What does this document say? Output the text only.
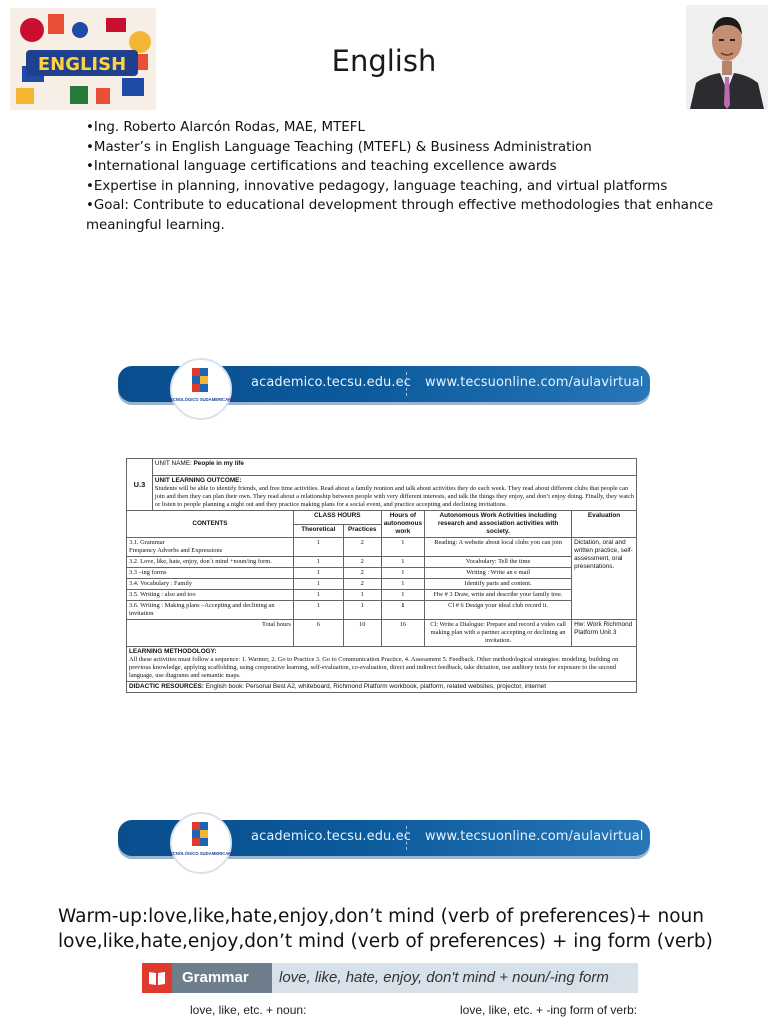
ENGLISH	English
•Ing. Roberto Alarcón Rodas, MAE, MTEFL
•Master’s in English Language Teaching (MTEFL) & Business Administration
•International language certifications and teaching excellence awards
•Expertise in planning, innovative pedagogy, language teaching, and virtual platforms
•Goal: Contribute to educational development through effective methodologies that enhance meaningful learning.
TECNOLÓGICO SUDAMERICANO
academico.tecsu.edu.ec www.tecsuonline.com/aulavirtual
U.3	UNIT NAME: People in my life					

	UNIT LEARNING OUTCOME:
Students will be able to identify friends, and free time activities. Read about a family reunion and talk about activities they do each week. They read about different clubs that people can join and then they can plan their own. They read about a relationship between people with very different interests, and talk the things they enjoy, and don’t enjoy doing. Finally, they watch or listen to people planning a night out and they practice making plans for a social event, and practice accepting and declining invitations.					

CONTENTS		CLASS HOURS		Hours of autonomous work	Autonomous Work Activities including research and association activities with society.	Evaluation
		Theoretical	Practices			
3.1. Grammar
Frequency Adverbs and Expressions		1	2	1	Reading: A website about local clubs you can join	Dictation, oral and written practice, self-assessment, oral presentations.
3.2. Love, like, hate, enjoy, don´t mind +noun/ing form.		1	2	1	Vocabulary: Tell the time	
3.3 –ing forms		1	2	1	Writing : Write an e mail	
3.4. Vocabulary : Family		1	2	1	Identify parts and content.	
3.5. Writing : also and too		1	1	1	Hw # 3 Draw, write and describe your family tree.	
3.6. Writing : Making plans –Accepting and declining an invitation		1	1	1	Cl # 6 Design your ideal club record it.	
Total hours		6	10	16	Cl: Write a Dialogue: Prepare and record a video call making plan with a partner accepting or declining an invitation.	Hw: Work Richmond Platform Unit 3

LEARNING METHODOLOGY:
All these activities must follow a sequence: 1. Warmer, 2. Go to Practice 3. Go to Communication Practice, 4. Assessment 5. Feedback. Other methodological strategies: modeling, building on previous knowledge, applying scaffolding, using cooperative learning, self-evaluation, co-evaluation, direct and indirect feedback, take dictation, use auditory texts for exposure to the second language, use diagrams and semantic maps.						

DIDACTIC RESOURCES: English book: Personal Best A2, whiteboard, Richmond Platform workbook, platform, related websites, projector, internet						
TECNOLÓGICO SUDAMERICANO
academico.tecsu.edu.ec www.tecsuonline.com/aulavirtual
Warm-up:love,like,hate,enjoy,don’t mind (verb of preferences)+ noun
love,like,hate,enjoy,don’t mind (verb of preferences) + ing form (verb)
Grammar	love, like, hate, enjoy, don't mind + noun/-ing form
love, like, etc. + noun:	love, like, etc. + -ing form of verb:
